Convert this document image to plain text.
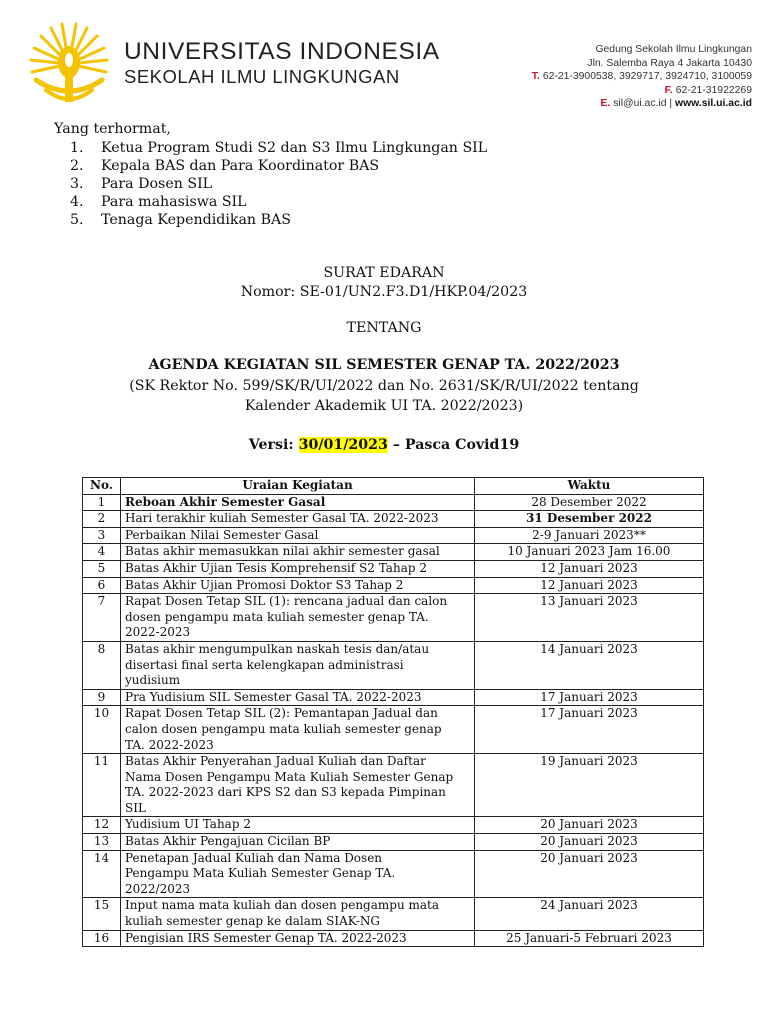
UNIVERSITAS INDONESIA
SEKOLAH ILMU LINGKUNGAN
Gedung Sekolah Ilmu Lingkungan
Jln. Salemba Raya 4 Jakarta 10430
T. 62-21-3900538, 3929717, 3924710, 3100059
F. 62-21-31922269
E. sil@ui.ac.id | www.sil.ui.ac.id
Yang terhormat,
1. Ketua Program Studi S2 dan S3 Ilmu Lingkungan SIL
2. Kepala BAS dan Para Koordinator BAS
3. Para Dosen SIL
4. Para mahasiswa SIL
5. Tenaga Kependidikan BAS
SURAT EDARAN
Nomor: SE-01/UN2.F3.D1/HKP.04/2023
TENTANG
AGENDA KEGIATAN SIL SEMESTER GENAP TA. 2022/2023
(SK Rektor No. 599/SK/R/UI/2022 dan No. 2631/SK/R/UI/2022 tentang
Kalender Akademik UI TA. 2022/2023)
Versi: 30/01/2023 – Pasca Covid19
No.	Uraian Kegiatan	Waktu
1	Reboan Akhir Semester Gasal	28 Desember 2022
2	Hari terakhir kuliah Semester Gasal TA. 2022-2023	31 Desember 2022
3	Perbaikan Nilai Semester Gasal	2-9 Januari 2023**
4	Batas akhir memasukkan nilai akhir semester gasal	10 Januari 2023 Jam 16.00
5	Batas Akhir Ujian Tesis Komprehensif S2 Tahap 2	12 Januari 2023
6	Batas Akhir Ujian Promosi Doktor S3 Tahap 2	12 Januari 2023
7	Rapat Dosen Tetap SIL (1): rencana jadual dan calon
dosen pengampu mata kuliah semester genap TA.
2022-2023	13 Januari 2023
8	Batas akhir mengumpulkan naskah tesis dan/atau
disertasi final serta kelengkapan administrasi
yudisium	14 Januari 2023
9	Pra Yudisium SIL Semester Gasal TA. 2022-2023	17 Januari 2023
10	Rapat Dosen Tetap SIL (2): Pemantapan Jadual dan
calon dosen pengampu mata kuliah semester genap
TA. 2022-2023	17 Januari 2023
11	Batas Akhir Penyerahan Jadual Kuliah dan Daftar
Nama Dosen Pengampu Mata Kuliah Semester Genap
TA. 2022-2023 dari KPS S2 dan S3 kepada Pimpinan
SIL	19 Januari 2023
12	Yudisium UI Tahap 2	20 Januari 2023
13	Batas Akhir Pengajuan Cicilan BP	20 Januari 2023
14	Penetapan Jadual Kuliah dan Nama Dosen
Pengampu Mata Kuliah Semester Genap TA.
2022/2023	20 Januari 2023
15	Input nama mata kuliah dan dosen pengampu mata
kuliah semester genap ke dalam SIAK-NG	24 Januari 2023
16	Pengisian IRS Semester Genap TA. 2022-2023	25 Januari-5 Februari 2023
